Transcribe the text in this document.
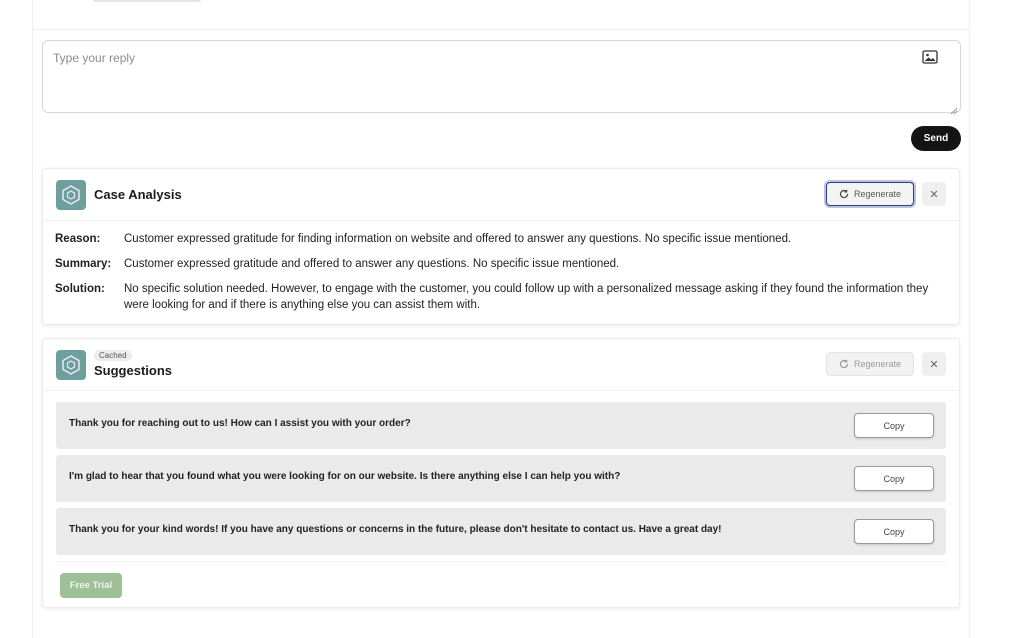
Type your reply
Send
Case Analysis	Regenerate	✕
Reason:	Customer expressed gratitude for finding information on website and offered to answer any questions. No specific issue mentioned.
Summary:	Customer expressed gratitude and offered to answer any questions. No specific issue mentioned.
Solution:	No specific solution needed. However, to engage with the customer, you could follow up with a personalized message asking if they found the information they were looking for and if there is anything else you can assist them with.
Cached
Suggestions	Regenerate	✕
Thank you for reaching out to us! How can I assist you with your order?	Copy
I'm glad to hear that you found what you were looking for on our website. Is there anything else I can help you with?	Copy
Thank you for your kind words! If you have any questions or concerns in the future, please don't hesitate to contact us. Have a great day!	Copy
Free Trial
